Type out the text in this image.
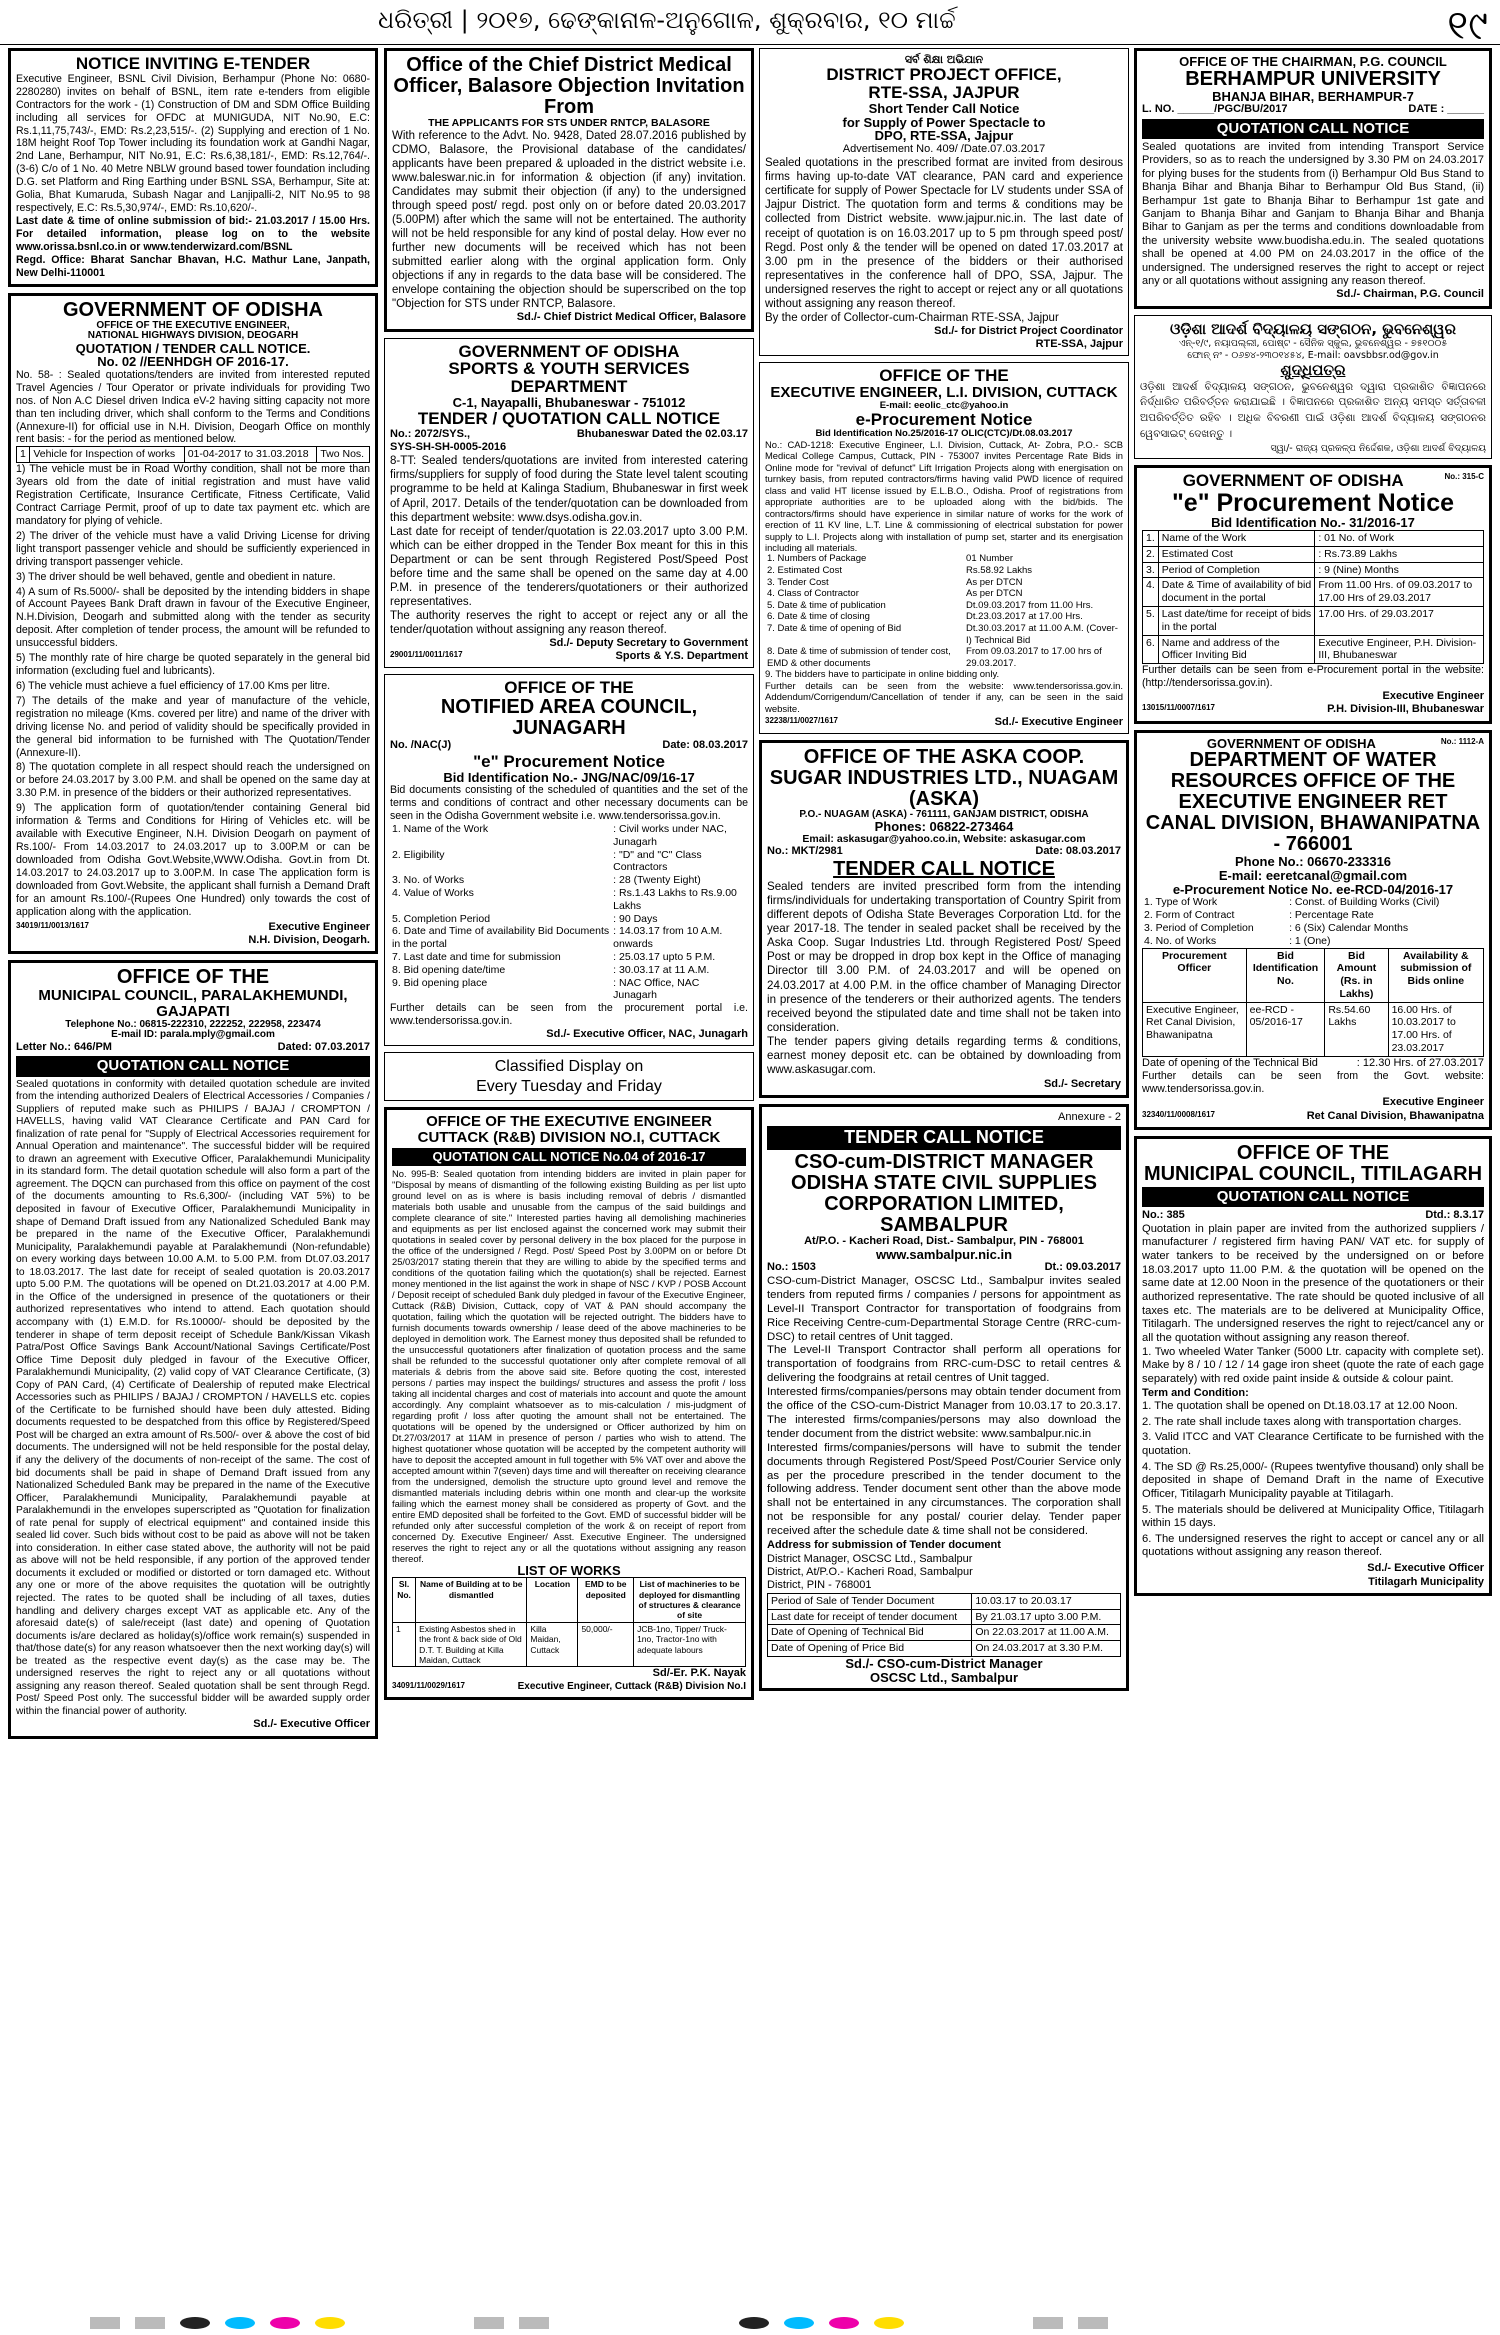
ଧରିତ୍ରୀ | ୨୦୧୭, ଢେଙ୍କାନାଳ-ଅନୁଗୋଳ, ଶୁକ୍ରବାର, ୧୦ ମାର୍ଚ୍ଚ	୧୯
NOTICE INVITING E-TENDER
Executive Engineer, BSNL Civil Division, Berhampur (Phone No: 0680-2280280) invites on behalf of BSNL, item rate e-tenders from eligible Contractors for the work - (1) Construction of DM and SDM Office Building including all services for OFDC at MUNIGUDA, NIT No.90, E.C: Rs.1,11,75,743/-, EMD: Rs.2,23,515/-. (2) Supplying and erection of 1 No. 18M height Roof Top Tower including its foundation work at Gandhi Nagar, 2nd Lane, Berhampur, NIT No.91, E.C: Rs.6,38,181/-, EMD: Rs.12,764/-. (3-6) C/o of 1 No. 40 Metre NBLW ground based tower foundation including D.G. set Platform and Ring Earthing under BSNL SSA, Berhampur, Site at: Golia, Bhat Kumaruda, Subash Nagar and Lanjipalli-2, NIT No.95 to 98 respectively, E.C: Rs.5,30,974/-, EMD: Rs.10,620/-.
Last date & time of online submission of bid:- 21.03.2017 / 15.00 Hrs. For detailed information, please log on to the website www.orissa.bsnl.co.in or www.tenderwizard.com/BSNL
Regd. Office: Bharat Sanchar Bhavan, H.C. Mathur Lane, Janpath, New Delhi-110001
GOVERNMENT OF ODISHA
OFFICE OF THE EXECUTIVE ENGINEER,
NATIONAL HIGHWAYS DIVISION, DEOGARH
QUOTATION / TENDER CALL NOTICE.
No. 02 //EENHDGH OF 2016-17.
No. 58- : Sealed quotations/tenders are invited from interested reputed Travel Agencies / Tour Operator or private individuals for providing Two nos. of Non A.C Diesel driven Indica eV-2 having sitting capacity not more than ten including driver, which shall conform to the Terms and Conditions (Annexure-II) for official use in N.H. Division, Deogarh Office on monthly rent basis: - for the period as mentioned below.
1	Vehicle for Inspection of works	01-04-2017 to 31.03.2018	Two Nos.

1) The vehicle must be in Road Worthy condition, shall not be more than 3years old from the date of initial registration and must have valid Registration Certificate, Insurance Certificate, Fitness Certificate, Valid Contract Carriage Permit, proof of up to date tax payment etc. which are mandatory for plying of vehicle.

2) The driver of the vehicle must have a valid Driving License for driving light transport passenger vehicle and should be sufficiently experienced in driving transport passenger vehicle.

3) The driver should be well behaved, gentle and obedient in nature.

4) A sum of Rs.5000/- shall be deposited by the intending bidders in shape of Account Payees Bank Draft drawn in favour of the Executive Engineer, N.H.Division, Deogarh and submitted along with the tender as security deposit. After completion of tender process, the amount will be refunded to unsuccessful bidders.

5) The monthly rate of hire charge be quoted separately in the general bid information (excluding fuel and lubricants).

6) The vehicle must achieve a fuel efficiency of 17.00 Kms per litre.

7) The details of the make and year of manufacture of the vehicle, registration no mileage (Kms. covered per litre) and name of the driver with driving license No. and period of validity should be specifically provided in the general bid information to be furnished with The Quotation/Tender (Annexure-II).

8) The quotation complete in all respect should reach the undersigned on or before 24.03.2017 by 3.00 P.M. and shall be opened on the same day at 3.30 P.M. in presence of the bidders or their authorized representatives.

9) The application form of quotation/tender containing General bid information & Terms and Conditions for Hiring of Vehicles etc. will be available with Executive Engineer, N.H. Division Deogarh on payment of Rs.100/- From 14.03.2017 to 24.03.2017 up to 3.00P.M or can be downloaded from Odisha Govt.Website,WWW.Odisha. Govt.in from Dt. 14.03.2017 to 24.03.2017 up to 3.00P.M. In case The application form is downloaded from Govt.Website, the applicant shall furnish a Demand Draft for an amount Rs.100/-(Rupees One Hundred) only towards the cost of application along with the application.

34019/11/0013/1617	Executive Engineer
N.H. Division, Deogarh.
OFFICE OF THE
MUNICIPAL COUNCIL, PARALAKHEMUNDI, GAJAPATI
Telephone No.: 06815-222310, 222252, 222958, 223474
E-mail ID: parala.mply@gmail.com
Letter No.: 646/PM	Dated: 07.03.2017
QUOTATION CALL NOTICE
Sealed quotations in conformity with detailed quotation schedule are invited from the intending authorized Dealers of Electrical Accessories / Companies / Suppliers of reputed make such as PHILIPS / BAJAJ / CROMPTON / HAVELLS, having valid VAT Clearance Certificate and PAN Card for finalization of rate penal for "Supply of Electrical Accessories requirement for Annual Operation and maintenance". The successful bidder will be required to drawn an agreement with Executive Officer, Paralakhemundi Municipality in its standard form. The detail quotation schedule will also form a part of the agreement. The DQCN can purchased from this office on payment of the cost of the documents amounting to Rs.6,300/- (including VAT 5%) to be deposited in favour of Executive Officer, Paralakhemundi Municipality in shape of Demand Draft issued from any Nationalized Scheduled Bank may be prepared in the name of the Executive Officer, Paralakhemundi Municipality, Paralakhemundi payable at Paralakhemundi (Non-refundable) on every working days between 10.00 A.M. to 5.00 P.M. from Dt.07.03.2017 to 18.03.2017. The last date for receipt of sealed quotation is 20.03.2017 upto 5.00 P.M. The quotations will be opened on Dt.21.03.2017 at 4.00 P.M. in the Office of the undersigned in presence of the quotationers or their authorized representatives who intend to attend. Each quotation should accompany with (1) E.M.D. for Rs.10000/- should be deposited by the tenderer in shape of term deposit receipt of Schedule Bank/Kissan Vikash Patra/Post Office Savings Bank Account/National Savings Certificate/Post Office Time Deposit duly pledged in favour of the Executive Officer, Paralakhemundi Municipality, (2) valid copy of VAT Clearance Certificate, (3) Copy of PAN Card, (4) Certificate of Dealership of reputed make Electrical Accessories such as PHILIPS / BAJAJ / CROMPTON / HAVELLS etc. copies of the Certificate to be furnished should have been duly attested. Biding documents requested to be despatched from this office by Registered/Speed Post will be charged an extra amount of Rs.500/- over & above the cost of bid documents. The undersigned will not be held responsible for the postal delay, if any the delivery of the documents of non-receipt of the same. The cost of bid documents shall be paid in shape of Demand Draft issued from any Nationalized Scheduled Bank may be prepared in the name of the Executive Officer, Paralakhemundi Municipality, Paralakhemundi payable at Paralakhemundi in the envelopes superscripted as "Quotation for finalization of rate penal for supply of electrical equipment" and contained inside this sealed lid cover. Such bids without cost to be paid as above will not be taken into consideration. In either case stated above, the authority will not be paid as above will not be held responsible, if any portion of the approved tender documents it excluded or modified or distorted or torn damaged etc. Without any one or more of the above requisites the quotation will be outrightly rejected. The rates to be quoted shall be including of all taxes, duties handling and delivery charges except VAT as applicable etc. Any of the aforesaid date(s) of sale/receipt (last date) and opening of Quotation documents is/are declared as holiday(s)/office work remain(s) suspended in that/those date(s) for any reason whatsoever then the next working day(s) will be treated as the respective event day(s) as the case may be. The undersigned reserves the right to reject any or all quotations without assigning any reason thereof. Sealed quotation shall be sent through Regd. Post/ Speed Post only. The successful bidder will be awarded supply order within the financial power of authority.
Sd./- Executive Officer
Office of the Chief District Medical Officer, Balasore Objection Invitation From
THE APPLICANTS FOR STS UNDER RNTCP, BALASORE
With reference to the Advt. No. 9428, Dated 28.07.2016 published by CDMO, Balasore, the Provisional database of the candidates/ applicants have been prepared & uploaded in the district website i.e. www.baleswar.nic.in for information & objection (if any) invitation. Candidates may submit their objection (if any) to the undersigned through speed post/ regd. post only on or before dated 20.03.2017 (5.00PM) after which the same will not be entertained. The authority will not be held responsible for any kind of postal delay. How ever no further new documents will be received which has not been submitted earlier along with the orginal application form. Only objections if any in regards to the data base will be considered. The envelope containing the objection should be superscribed on the top "Objection for STS under RNTCP, Balasore.
Sd./- Chief District Medical Officer, Balasore
GOVERNMENT OF ODISHA
SPORTS & YOUTH SERVICES DEPARTMENT
C-1, Nayapalli, Bhubaneswar - 751012
TENDER / QUOTATION CALL NOTICE
No.: 2072/SYS.,	Bhubaneswar Dated the 02.03.17
SYS-SH-SH-0005-2016
8-TT: Sealed tenders/quotations are invited from interested catering firms/suppliers for supply of food during the State level talent scouting programme to be held at Kalinga Stadium, Bhubaneswar in first week of April, 2017. Details of the tender/quotation can be downloaded from this department website: www.dsys.odisha.gov.in.
Last date for receipt of tender/quotation is 22.03.2017 upto 3.00 P.M. which can be either dropped in the Tender Box meant for this in this Department or can be sent through Registered Post/Speed Post before time and the same shall be opened on the same day at 4.00 P.M. in presence of the tenderers/quotationers or their authorized representatives.
The authority reserves the right to accept or reject any or all the tender/quotation without assigning any reason thereof.
Sd./- Deputy Secretary to Government
29001/11/0011/1617	Sports & Y.S. Department
OFFICE OF THE
NOTIFIED AREA COUNCIL, JUNAGARH
No. /NAC(J)	Date: 08.03.2017
"e" Procurement Notice
Bid Identification No.- JNG/NAC/09/16-17
Bid documents consisting of the scheduled of quantities and the set of the terms and conditions of contract and other necessary documents can be seen in the Odisha Government website i.e. www.tendersorissa.gov.in.
1. Name of the Work	: Civil works under NAC, Junagarh
2. Eligibility	: "D" and "C" Class Contractors
3. No. of Works	: 28 (Twenty Eight)
4. Value of Works	: Rs.1.43 Lakhs to Rs.9.00 Lakhs
5. Completion Period	: 90 Days
6. Date and Time of availability Bid Documents in the portal	: 14.03.17 from 10 A.M. onwards
7. Last date and time for submission	: 25.03.17 upto 5 P.M.
8. Bid opening date/time	: 30.03.17 at 11 A.M.
9. Bid opening place	: NAC Office, NAC Junagarh
Further details can be seen from the procurement portal i.e. www.tendersorissa.gov.in.
Sd./- Executive Officer, NAC, Junagarh
Classified Display on
Every Tuesday and Friday
OFFICE OF THE EXECUTIVE ENGINEER
CUTTACK (R&B) DIVISION NO.I, CUTTACK
QUOTATION CALL NOTICE No.04 of 2016-17
No. 995-B: Sealed quotation from intending bidders are invited in plain paper for "Disposal by means of dismantling of the following existing Building as per list upto ground level on as is where is basis including removal of debris / dismantled materials both usable and unusable from the campus of the said buildings and complete clearance of site." Interested parties having all demolishing machineries and equipments as per list enclosed against the concerned work may submit their quotations in sealed cover by personal delivery in the box placed for the purpose in the office of the undersigned / Regd. Post/ Speed Post by 3.00PM on or before Dt 25/03/2017 stating therein that they are willing to abide by the specified terms and conditions of the quotation failing which the quotation(s) shall be rejected. Earnest money mentioned in the list against the work in shape of NSC / KVP / POSB Account / Deposit receipt of scheduled Bank duly pledged in favour of the Executive Engineer, Cuttack (R&B) Division, Cuttack, copy of VAT & PAN should accompany the quotation, failing which the quotation will be rejected outright. The bidders have to furnish documents towards ownership / lease deed of the above machineries to be deployed in demolition work. The Earnest money thus deposited shall be refunded to the unsuccessful quotationers after finalization of quotation process and the same shall be refunded to the successful quotationer only after complete removal of all materials & debris from the above said site. Before quoting the cost, interested persons / parties may inspect the buildings/ structures and assess the profit / loss taking all incidental charges and cost of materials into account and quote the amount accordingly. Any complaint whatsoever as to mis-calculation / mis-judgment of regarding profit / loss after quoting the amount shall not be entertained. The quotations will be opened by the undersigned or Officer authorized by him on Dt.27/03/2017 at 11AM in presence of person / parties who wish to attend. The highest quotationer whose quotation will be accepted by the competent authority will have to deposit the accepted amount in full together with 5% VAT over and above the accepted amount within 7(seven) days time and will thereafter on receiving clearance from the undersigned, demolish the structure upto ground level and remove the dismantled materials including debris within one month and clear-up the worksite failing which the earnest money shall be considered as property of Govt. and the entire EMD deposited shall be forfeited to the Govt. EMD of successful bidder will be refunded only after successful completion of the work & on receipt of report from concerned Dy. Executive Engineer/ Asst. Executive Engineer. The undersigned reserves the right to reject any or all the quotations without assigning any reason thereof.
LIST OF WORKS
Sl. No.	Name of Building at to be dismantled	Location	EMD to be deposited	List of machineries to be deployed for dismantling of structures & clearance of site
1	Existing Asbestos shed in the front & back side of Old D.T. T. Building at Killa Maidan, Cuttack	Killa Maidan, Cuttack	50,000/-	JCB-1no, Tipper/ Truck-1no, Tractor-1no with adequate labours
Sd/-Er. P.K. Nayak
34091/11/0029/1617	Executive Engineer, Cuttack (R&B) Division No.I
ସର୍ବ ଶିକ୍ଷା ଅଭିଯାନ
DISTRICT PROJECT OFFICE,
RTE-SSA, JAJPUR
Short Tender Call Notice
for Supply of Power Spectacle to
DPO, RTE-SSA, Jajpur
Advertisement No. 409/ /Date.07.03.2017
Sealed quotations in the prescribed format are invited from desirous firms having up-to-date VAT clearance, PAN card and experience certificate for supply of Power Spectacle for LV students under SSA of Jajpur District. The quotation form and terms & conditions may be collected from District website. www.jajpur.nic.in. The last date of receipt of quotation is on 16.03.2017 up to 5 pm through speed post/ Regd. Post only & the tender will be opened on dated 17.03.2017 at 3.00 pm in the presence of the bidders or their authorised representatives in the conference hall of DPO, SSA, Jajpur. The undersigned reserves the right to accept or reject any or all quotations without assigning any reason thereof.
By the order of Collector-cum-Chairman RTE-SSA, Jajpur
Sd./- for District Project Coordinator
RTE-SSA, Jajpur
OFFICE OF THE
EXECUTIVE ENGINEER, L.I. DIVISION, CUTTACK
E-mail: eeolic_ctc@yahoo.in
e-Procurement Notice
Bid Identification No.25/2016-17 OLIC(CTC)/Dt.08.03.2017
No.: CAD-1218: Executive Engineer, L.I. Division, Cuttack, At- Zobra, P.O.- SCB Medical College Campus, Cuttack, PIN - 753007 invites Percentage Rate Bids in Online mode for "revival of defunct" Lift Irrigation Projects along with energisation on turnkey basis, from reputed contractors/firms having valid PWD licence of required class and valid HT license issued by E.L.B.O., Odisha. Proof of registrations from appropriate authorities are to be uploaded along with the bid/bids. The contractors/firms should have experience in similar nature of works for the work of erection of 11 KV line, L.T. Line & commissioning of electrical substation for power supply to L.I. Projects along with installation of pump set, starter and its energisation including all materials.
1. Numbers of Package	01 Number
2. Estimated Cost	Rs.58.92 Lakhs
3. Tender Cost	As per DTCN
4. Class of Contractor	As per DTCN
5. Date & time of publication	Dt.09.03.2017 from 11.00 Hrs.
6. Date & time of closing	Dt.23.03.2017 at 17.00 Hrs.
7. Date & time of opening of Bid	Dt.30.03.2017 at 11.00 A.M. (Cover-I) Technical Bid
8. Date & time of submission of tender cost, EMD & other documents	From 09.03.2017 to 17.00 hrs of 29.03.2017.
9. The bidders have to participate in online bidding only.
Further details can be seen from the website: www.tendersorissa.gov.in. Addendum/Corrigendum/Cancellation of tender if any, can be seen in the said website.
32238/11/0027/1617	Sd./- Executive Engineer
OFFICE OF THE ASKA COOP. SUGAR INDUSTRIES LTD., NUAGAM (ASKA)
P.O.- NUAGAM (ASKA) - 761111, GANJAM DISTRICT, ODISHA
Phones: 06822-273464
Email: askasugar@yahoo.co.in, Website: askasugar.com
No.: MKT/2981	Date: 08.03.2017
TENDER CALL NOTICE
Sealed tenders are invited prescribed form from the intending firms/individuals for undertaking transportation of Country Spirit from different depots of Odisha State Beverages Corporation Ltd. for the year 2017-18. The tender in sealed packet shall be received by the Aska Coop. Sugar Industries Ltd. through Registered Post/ Speed Post or may be dropped in drop box kept in the Office of managing Director till 3.00 P.M. of 24.03.2017 and will be opened on 24.03.2017 at 4.00 P.M. in the office chamber of Managing Director in presence of the tenderers or their authorized agents. The tenders received beyond the stipulated date and time shall not be taken into consideration.
The tender papers giving details regarding terms & conditions, earnest money deposit etc. can be obtained by downloading from www.askasugar.com.
Sd./- Secretary
Annexure - 2
TENDER CALL NOTICE
CSO-cum-DISTRICT MANAGER ODISHA STATE CIVIL SUPPLIES CORPORATION LIMITED, SAMBALPUR
At/P.O. - Kacheri Road, Dist.- Sambalpur, PIN - 768001
www.sambalpur.nic.in
No.: 1503	Dt.: 09.03.2017
CSO-cum-District Manager, OSCSC Ltd., Sambalpur invites sealed tenders from reputed firms / companies / persons for appointment as Level-II Transport Contractor for transportation of foodgrains from Rice Receiving Centre-cum-Departmental Storage Centre (RRC-cum-DSC) to retail centres of Unit tagged.
The Level-II Transport Contractor shall perform all operations for transportation of foodgrains from RRC-cum-DSC to retail centres & delivering the foodgrains at retail centres of Unit tagged.
Interested firms/companies/persons may obtain tender document from the office of the CSO-cum-District Manager from 10.03.17 to 20.3.17. The interested firms/companies/persons may also download the tender document from the district website: www.sambalpur.nic.in
Interested firms/companies/persons will have to submit the tender documents through Registered Post/Speed Post/Courier Service only as per the procedure prescribed in the tender document to the following address. Tender document sent other than the above mode shall not be entertained in any circumstances. The corporation shall not be responsible for any postal/ courier delay. Tender paper received after the schedule date & time shall not be considered.
Address for submission of Tender document
District Manager, OSCSC Ltd., Sambalpur
District, At/P.O.- Kacheri Road, Sambalpur
District, PIN - 768001
Period of Sale of Tender Document	10.03.17 to 20.03.17
Last date for receipt of tender document	By 21.03.17 upto 3.00 P.M.
Date of Opening of Technical Bid	On 22.03.2017 at 11.00 A.M.
Date of Opening of Price Bid	On 24.03.2017 at 3.30 P.M.
Sd./- CSO-cum-District Manager
OSCSC Ltd., Sambalpur
OFFICE OF THE CHAIRMAN, P.G. COUNCIL
BERHAMPUR UNIVERSITY
BHANJA BIHAR, BERHAMPUR-7
L. NO. ______/PGC/BU/2017	DATE : ______
QUOTATION CALL NOTICE
Sealed quotations are invited from intending Transport Service Providers, so as to reach the undersigned by 3.30 PM on 24.03.2017 for plying buses for the students from (i) Berhampur Old Bus Stand to Bhanja Bihar and Bhanja Bihar to Berhampur Old Bus Stand, (ii) Berhampur 1st gate to Bhanja Bihar to Berhampur 1st gate and Ganjam to Bhanja Bihar and Ganjam to Bhanja Bihar and Bhanja Bihar to Ganjam as per the terms and conditions downloadable from the university website www.buodisha.edu.in. The sealed quotations shall be opened at 4.00 PM on 24.03.2017 in the office of the undersigned. The undersigned reserves the right to accept or reject any or all quotations without assigning any reason thereof.
Sd./- Chairman, P.G. Council
ଓଡ଼ିଶା ଆଦର୍ଶ ବିଦ୍ୟାଳୟ ସଙ୍ଗଠନ, ଭୁବନେଶ୍ୱର
ଏନ୍-୧/୯, ନୟାପଲ୍ଲୀ, ପୋଷ୍ଟ - ସୈନିକ ସ୍କୁଲ, ଭୁବନେଶ୍ୱର - ୭୫୧୦୦୫
ଫୋନ୍ ନଂ - ୦୬୭୪-୨୩୦୧୪୫୪, E-mail: oavsbbsr.od@gov.in
ଶୁଦ୍ଧିପତ୍ର
ଓଡ଼ିଶା ଆଦର୍ଶ ବିଦ୍ୟାଳୟ ସଙ୍ଗଠନ, ଭୁବନେଶ୍ୱର ଦ୍ୱାରା ପ୍ରକାଶିତ ବିଜ୍ଞାପନରେ ନିର୍ଦ୍ଧାରିତ ପରିବର୍ତ୍ତନ କରାଯାଇଛି । ବିଜ୍ଞାପନରେ ପ୍ରକାଶିତ ଅନ୍ୟ ସମସ୍ତ ସର୍ତ୍ତାବଳୀ ଅପରିବର୍ତ୍ତିତ ରହିବ । ଅଧିକ ବିବରଣୀ ପାଇଁ ଓଡ଼ିଶା ଆଦର୍ଶ ବିଦ୍ୟାଳୟ ସଙ୍ଗଠନର ୱେବସାଇଟ୍ ଦେଖନ୍ତୁ ।
ସ୍ୱା/- ରାଜ୍ୟ ପ୍ରକଳ୍ପ ନିର୍ଦ୍ଦେଶକ, ଓଡ଼ିଶା ଆଦର୍ଶ ବିଦ୍ୟାଳୟ
GOVERNMENT OF ODISHA	No.: 315-C
"e" Procurement Notice
Bid Identification No.- 31/2016-17
1.	Name of the Work	: 01 No. of Work
2.	Estimated Cost	: Rs.73.89 Lakhs
3.	Period of Completion	: 9 (Nine) Months
4.	Date & Time of availability of bid document in the portal	From 11.00 Hrs. of 09.03.2017 to 17.00 Hrs of 29.03.2017
5.	Last date/time for receipt of bids in the portal	17.00 Hrs. of 29.03.2017
6.	Name and address of the Officer Inviting Bid	Executive Engineer, P.H. Division-III, Bhubaneswar
Further details can be seen from e-Procurement portal in the website: (http://tendersorissa.gov.in).
Executive Engineer
13015/11/0007/1617	P.H. Division-III, Bhubaneswar
GOVERNMENT OF ODISHA	No.: 1112-A
DEPARTMENT OF WATER RESOURCES OFFICE OF THE EXECUTIVE ENGINEER RET CANAL DIVISION, BHAWANIPATNA - 766001
Phone No.: 06670-233316
E-mail: eeretcanal@gmail.com
e-Procurement Notice No. ee-RCD-04/2016-17
1. Type of Work	: Const. of Building Works (Civil)
2. Form of Contract	: Percentage Rate
3. Period of Completion	: 6 (Six) Calendar Months
4. No. of Works	: 1 (One)
Procurement Officer	Bid Identification No.	Bid Amount (Rs. in Lakhs)	Availability & submission of Bids online
Executive Engineer, Ret Canal Division, Bhawanipatna	ee-RCD - 05/2016-17	Rs.54.60 Lakhs	16.00 Hrs. of 10.03.2017 to 17.00 Hrs. of 23.03.2017
Date of opening of the Technical Bid	: 12.30 Hrs. of 27.03.2017
Further details can be seen from the Govt. website: www.tendersorissa.gov.in.
Executive Engineer
32340/11/0008/1617	Ret Canal Division, Bhawanipatna
OFFICE OF THE
MUNICIPAL COUNCIL, TITILAGARH
QUOTATION CALL NOTICE
No.: 385	Dtd.: 8.3.17
Quotation in plain paper are invited from the authorized suppliers / manufacturer / registered firm having PAN/ VAT etc. for supply of water tankers to be received by the undersigned on or before 18.03.2017 upto 11.00 P.M. & the quotation will be opened on the same date at 12.00 Noon in the presence of the quotationers or their authorized representative. The rate should be quoted inclusive of all taxes etc. The materials are to be delivered at Municipality Office, Titilagarh. The undersigned reserves the right to reject/cancel any or all the quotation without assigning any reason thereof.
1. Two wheeled Water Tanker (5000 Ltr. capacity with complete set). Make by 8 / 10 / 12 / 14 gage iron sheet (quote the rate of each gage separately) with red oxide paint inside & outside & colour paint.
Term and Condition:

1. The quotation shall be opened on Dt.18.03.17 at 12.00 Noon.

2. The rate shall include taxes along with transportation charges.

3. Valid ITCC and VAT Clearance Certificate to be furnished with the quotation.

4. The SD @ Rs.25,000/- (Rupees twentyfive thousand) only shall be deposited in shape of Demand Draft in the name of Executive Officer, Titilagarh Municipality payable at Titilagarh.

5. The materials should be delivered at Municipality Office, Titilagarh within 15 days.

6. The undersigned reserves the right to accept or cancel any or all quotations without assigning any reason thereof.

Sd./- Executive Officer
Titilagarh Municipality
